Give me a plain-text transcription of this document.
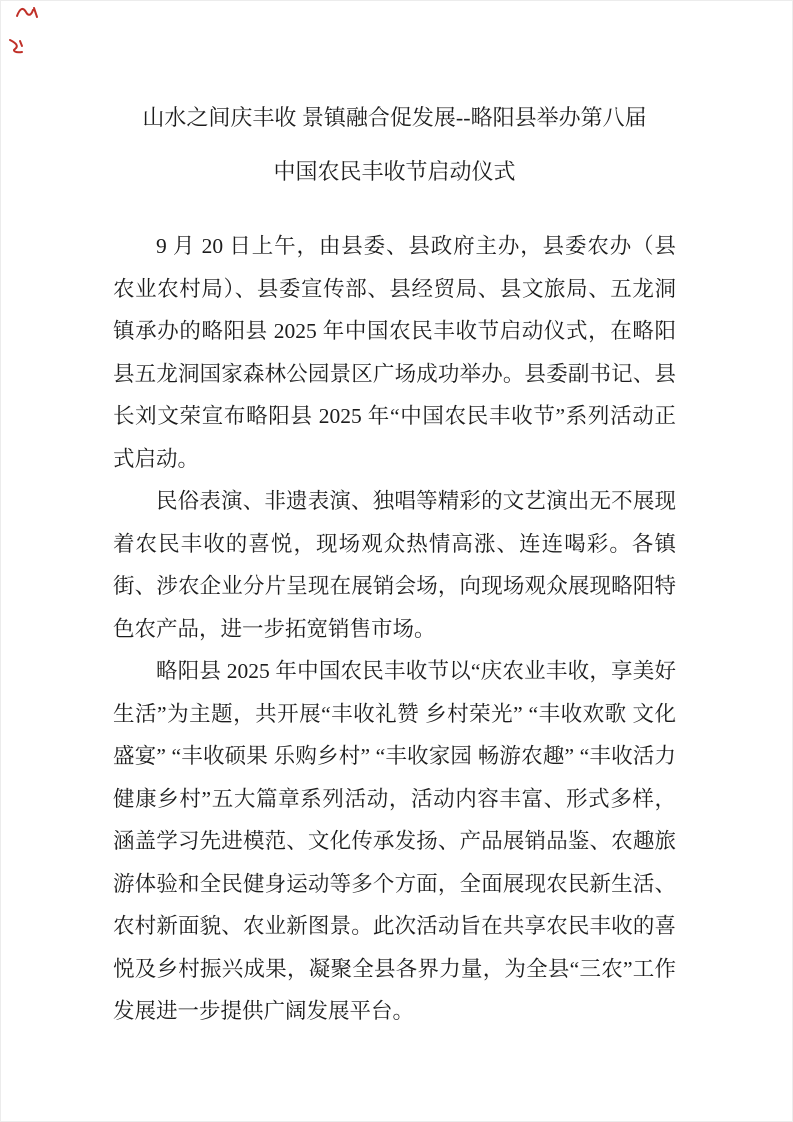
山水之间庆丰收 景镇融合促发展--略阳县举办第八届
中国农民丰收节启动仪式

9 月 20 日上午，由县委、县政府主办，县委农办（县农业农村局）、县委宣传部、县经贸局、县文旅局、五龙洞镇承办的略阳县 2025 年中国农民丰收节启动仪式，在略阳县五龙洞国家森林公园景区广场成功举办。县委副书记、县长刘文荣宣布略阳县 2025 年“中国农民丰收节”系列活动正式启动。

民俗表演、非遗表演、独唱等精彩的文艺演出无不展现着农民丰收的喜悦，现场观众热情高涨、连连喝彩。各镇街、涉农企业分片呈现在展销会场，向现场观众展现略阳特色农产品，进一步拓宽销售市场。

略阳县 2025 年中国农民丰收节以“庆农业丰收，享美好生活”为主题，共开展“丰收礼赞 乡村荣光” “丰收欢歌 文化盛宴” “丰收硕果 乐购乡村” “丰收家园 畅游农趣” “丰收活力 健康乡村”五大篇章系列活动，活动内容丰富、形式多样，涵盖学习先进模范、文化传承发扬、产品展销品鉴、农趣旅游体验和全民健身运动等多个方面，全面展现农民新生活、农村新面貌、农业新图景。此次活动旨在共享农民丰收的喜悦及乡村振兴成果，凝聚全县各界力量，为全县“三农”工作发展进一步提供广阔发展平台。
